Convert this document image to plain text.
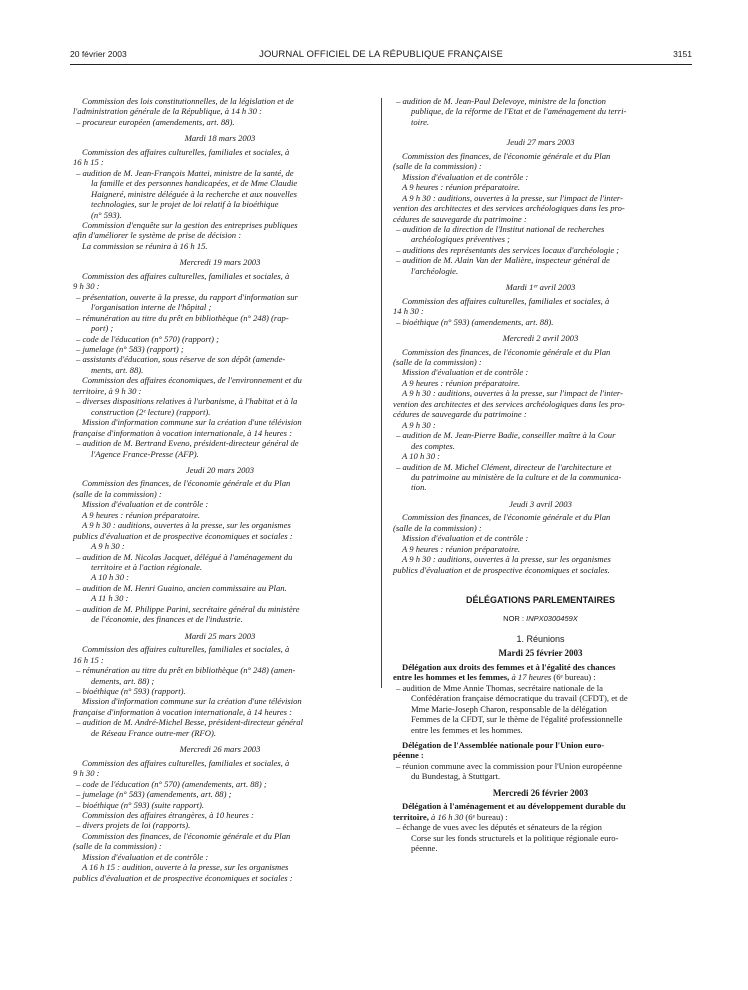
20 février 2003	JOURNAL OFFICIEL DE LA RÉPUBLIQUE FRANÇAISE	3151

Commission des lois constitutionnelles, de la législation et de

l'administration générale de la République, à 14 h 30 :

– procureur européen (amendements, art. 88).

Mardi 18 mars 2003

Commission des affaires culturelles, familiales et sociales, à

16 h 15 :

– audition de M. Jean-François Mattei, ministre de la santé, de

la famille et des personnes handicapées, et de Mme Claudie

Haigneré, ministre déléguée à la recherche et aux nouvelles

technologies, sur le projet de loi relatif à la bioéthique

(n° 593).

Commission d'enquête sur la gestion des entreprises publiques

afin d'améliorer le système de prise de décision :

La commission se réunira à 16 h 15.

Mercredi 19 mars 2003

Commission des affaires culturelles, familiales et sociales, à

9 h 30 :

– présentation, ouverte à la presse, du rapport d'information sur

l'organisation interne de l'hôpital ;

– rémunération au titre du prêt en bibliothèque (n° 248) (rap-

port) ;

– code de l'éducation (n° 570) (rapport) ;

– jumelage (n° 583) (rapport) ;

– assistants d'éducation, sous réserve de son dépôt (amende-

ments, art. 88).

Commission des affaires économiques, de l'environnement et du

territoire, à 9 h 30 :

– diverses dispositions relatives à l'urbanisme, à l'habitat et à la

construction (2ᵉ lecture) (rapport).

Mission d'information commune sur la création d'une télévision

française d'information à vocation internationale, à 14 heures :

– audition de M. Bertrand Eveno, président-directeur général de

l'Agence France-Presse (AFP).

Jeudi 20 mars 2003

Commission des finances, de l'économie générale et du Plan

(salle de la commission) :

Mission d'évaluation et de contrôle :

A 9 heures : réunion préparatoire.

A 9 h 30 : auditions, ouvertes à la presse, sur les organismes

publics d'évaluation et de prospective économiques et sociales :

A 9 h 30 :

– audition de M. Nicolas Jacquet, délégué à l'aménagement du

territoire et à l'action régionale.

A 10 h 30 :

– audition de M. Henri Guaino, ancien commissaire au Plan.

A 11 h 30 :

– audition de M. Philippe Parini, secrétaire général du ministère

de l'économie, des finances et de l'industrie.

Mardi 25 mars 2003

Commission des affaires culturelles, familiales et sociales, à

16 h 15 :

– rémunération au titre du prêt en bibliothèque (n° 248) (amen-

dements, art. 88) ;

– bioéthique (n° 593) (rapport).

Mission d'information commune sur la création d'une télévision

française d'information à vocation internationale, à 14 heures :

– audition de M. André-Michel Besse, président-directeur général

de Réseau France outre-mer (RFO).

Mercredi 26 mars 2003

Commission des affaires culturelles, familiales et sociales, à

9 h 30 :

– code de l'éducation (n° 570) (amendements, art. 88) ;

– jumelage (n° 583) (amendements, art. 88) ;

– bioéthique (n° 593) (suite rapport).

Commission des affaires étrangères, à 10 heures :

– divers projets de loi (rapports).

Commission des finances, de l'économie générale et du Plan

(salle de la commission) :

Mission d'évaluation et de contrôle :

A 16 h 15 : audition, ouverte à la presse, sur les organismes

publics d'évaluation et de prospective économiques et sociales :

– audition de M. Jean-Paul Delevoye, ministre de la fonction

publique, de la réforme de l'Etat et de l'aménagement du terri-

toire.

Jeudi 27 mars 2003

Commission des finances, de l'économie générale et du Plan

(salle de la commission) :

Mission d'évaluation et de contrôle :

A 9 heures : réunion préparatoire.

A 9 h 30 : auditions, ouvertes à la presse, sur l'impact de l'inter-

vention des architectes et des services archéologiques dans les pro-

cédures de sauvegarde du patrimoine :

– audition de la direction de l'Institut national de recherches

archéologiques préventives ;

– auditions des représentants des services locaux d'archéologie ;

– audition de M. Alain Van der Malière, inspecteur général de

l'archéologie.

Mardi 1ᵉʳ avril 2003

Commission des affaires culturelles, familiales et sociales, à

14 h 30 :

– bioéthique (n° 593) (amendements, art. 88).

Mercredi 2 avril 2003

Commission des finances, de l'économie générale et du Plan

(salle de la commission) :

Mission d'évaluation et de contrôle :

A 9 heures : réunion préparatoire.

A 9 h 30 : auditions, ouvertes à la presse, sur l'impact de l'inter-

vention des architectes et des services archéologiques dans les pro-

cédures de sauvegarde du patrimoine :

A 9 h 30 :

– audition de M. Jean-Pierre Badie, conseiller maître à la Cour

des comptes.

A 10 h 30 :

– audition de M. Michel Clément, directeur de l'architecture et

du patrimoine au ministère de la culture et de la communica-

tion.

Jeudi 3 avril 2003

Commission des finances, de l'économie générale et du Plan

(salle de la commission) :

Mission d'évaluation et de contrôle :

A 9 heures : réunion préparatoire.

A 9 h 30 : auditions, ouvertes à la presse, sur les organismes

publics d'évaluation et de prospective économiques et sociales.

DÉLÉGATIONS PARLEMENTAIRES

NOR : INPX0300459X

1. Réunions

Mardi 25 février 2003

Délégation aux droits des femmes et à l'égalité des chances

entre les hommes et les femmes, à 17 heures (6ᵉ bureau) :

– audition de Mme Annie Thomas, secrétaire nationale de la

Confédération française démocratique du travail (CFDT), et de

Mme Marie-Joseph Charon, responsable de la délégation

Femmes de la CFDT, sur le thème de l'égalité professionnelle

entre les femmes et les hommes.

Délégation de l'Assemblée nationale pour l'Union euro-

péenne :

– réunion commune avec la commission pour l'Union européenne

du Bundestag, à Stuttgart.

Mercredi 26 février 2003

Délégation à l'aménagement et au développement durable du

territoire, à 16 h 30 (6ᵉ bureau) :

– échange de vues avec les députés et sénateurs de la région

Corse sur les fonds structurels et la politique régionale euro-

péenne.
